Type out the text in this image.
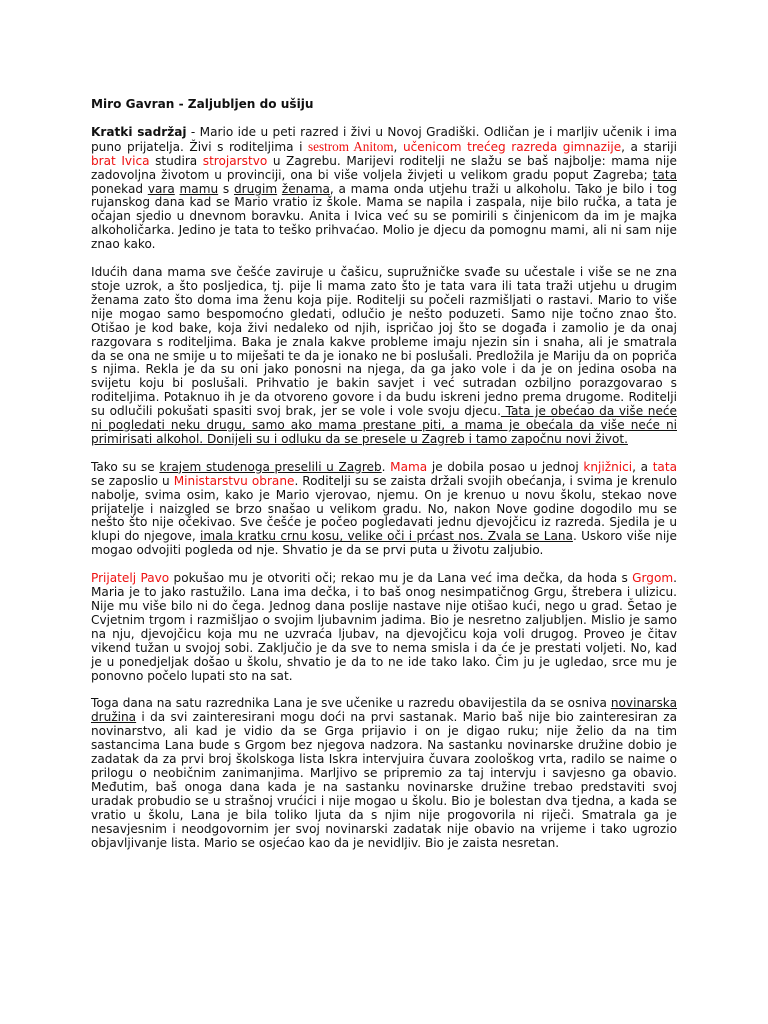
Miro Gavran - Zaljubljen do ušiju

Kratki sadržaj - Mario ide u peti razred i živi u Novoj Gradiški. Odličan je i marljiv učenik i ima puno prijatelja. Živi s roditeljima i sestrom Anitom, učenicom trećeg razreda gimnazije, a stariji brat Ivica studira strojarstvo u Zagrebu. Marijevi roditelji ne slažu se baš najbolje: mama nije zadovoljna životom u provinciji, ona bi više voljela živjeti u velikom gradu poput Zagreba; tata ponekad vara mamu s drugim ženama, a mama onda utjehu traži u alkoholu. Tako je bilo i tog rujanskog dana kad se Mario vratio iz škole. Mama se napila i zaspala, nije bilo ručka, a tata je očajan sjedio u dnevnom boravku. Anita i Ivica već su se pomirili s činjenicom da im je majka alkoholičarka. Jedino je tata to teško prihvaćao. Molio je djecu da pomognu mami, ali ni sam nije znao kako.

Idućih dana mama sve češće zaviruje u čašicu, supružničke svađe su učestale i više se ne zna stoje uzrok, a što posljedica, tj. pije li mama zato što je tata vara ili tata traži utjehu u drugim ženama zato što doma ima ženu koja pije. Roditelji su počeli razmišljati o rastavi. Mario to više nije mogao samo bespomoćno gledati, odlučio je nešto poduzeti. Samo nije točno znao što. Otišao je kod bake, koja živi nedaleko od njih, ispričao joj što se događa i zamolio je da onaj razgovara s roditeljima. Baka je znala kakve probleme imaju njezin sin i snaha, ali je smatrala da se ona ne smije u to miješati te da je ionako ne bi poslušali. Predložila je Mariju da on popriča s njima. Rekla je da su oni jako ponosni na njega, da ga jako vole i da je on jedina osoba na svijetu koju bi poslušali. Prihvatio je bakin savjet i već sutradan ozbiljno porazgovarao s roditeljima. Potaknuo ih je da otvoreno govore i da budu iskreni jedno prema drugome. Roditelji su odlučili pokušati spasiti svoj brak, jer se vole i vole svoju djecu. Tata je obećao da više neće ni pogledati neku drugu, samo ako mama prestane piti, a mama je obećala da više neće ni primirisati alkohol. Donijeli su i odluku da se presele u Zagreb i tamo započnu novi život.

Tako su se krajem studenoga preselili u Zagreb. Mama je dobila posao u jednoj knjižnici, a tata se zaposlio u Ministarstvu obrane. Roditelji su se zaista držali svojih obećanja, i svima je krenulo nabolje, svima osim, kako je Mario vjerovao, njemu. On je krenuo u novu školu, stekao nove prijatelje i naizgled se brzo snašao u velikom gradu. No, nakon Nove godine dogodilo mu se nešto što nije očekivao. Sve češće je počeo pogledavati jednu djevojčicu iz razreda. Sjedila je u klupi do njegove, imala kratku crnu kosu, velike oči i prćast nos. Zvala se Lana. Uskoro više nije mogao odvojiti pogleda od nje. Shvatio je da se prvi puta u životu zaljubio.

Prijatelj Pavo pokušao mu je otvoriti oči; rekao mu je da Lana već ima dečka, da hoda s Grgom. Maria je to jako rastužilo. Lana ima dečka, i to baš onog nesimpatičnog Grgu, štrebera i ulizicu. Nije mu više bilo ni do čega. Jednog dana poslije nastave nije otišao kući, nego u grad. Šetao je Cvjetnim trgom i razmišljao o svojim ljubavnim jadima. Bio je nesretno zaljubljen. Mislio je samo na nju, djevojčicu koja mu ne uzvraća ljubav, na djevojčicu koja voli drugog. Proveo je čitav vikend tužan u svojoj sobi. Zaključio je da sve to nema smisla i da će je prestati voljeti. No, kad je u ponedjeljak došao u školu, shvatio je da to ne ide tako lako. Čim ju je ugledao, srce mu je ponovno počelo lupati sto na sat.

Toga dana na satu razrednika Lana je sve učenike u razredu obavijestila da se osniva novinarska družina i da svi zainteresirani mogu doći na prvi sastanak. Mario baš nije bio zainteresiran za novinarstvo, ali kad je vidio da se Grga prijavio i on je digao ruku; nije želio da na tim sastancima Lana bude s Grgom bez njegova nadzora. Na sastanku novinarske družine dobio je zadatak da za prvi broj školskoga lista Iskra intervjuira čuvara zoološkog vrta, radilo se naime o prilogu o neobičnim zanimanjima. Marljivo se pripremio za taj intervju i savjesno ga obavio. Međutim, baš onoga dana kada je na sastanku novinarske družine trebao predstaviti svoj uradak probudio se u strašnoj vrućici i nije mogao u školu. Bio je bolestan dva tjedna, a kada se vratio u školu, Lana je bila toliko ljuta da s njim nije progovorila ni riječi. Smatrala ga je nesavjesnim i neodgovornim jer svoj novinarski zadatak nije obavio na vrijeme i tako ugrozio objavljivanje lista. Mario se osjećao kao da je nevidljiv. Bio je zaista nesretan.
